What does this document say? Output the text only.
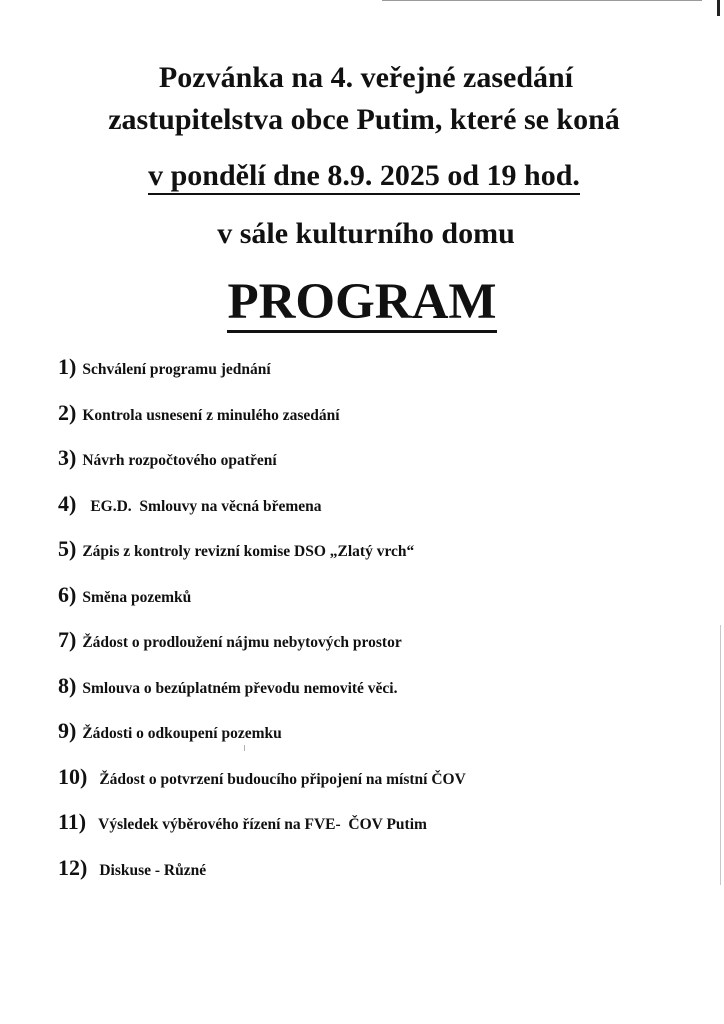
Pozvánka na 4. veřejné zasedání
zastupitelstva obce Putim, které se koná
v pondělí dne 8.9. 2025 od 19 hod.
v sále kulturního domu
PROGRAM
1) Schválení programu jednání
2) Kontrola usnesení z minulého zasedání
3) Návrh rozpočtového opatření
4) EG.D.  Smlouvy na věcná břemena
5) Zápis z kontroly revizní komise DSO „Zlatý vrch“
6) Směna pozemků
7) Žádost o prodloužení nájmu nebytových prostor
8) Smlouva o bezúplatném převodu nemovité věci.
9) Žádosti o odkoupení pozemku
10) Žádost o potvrzení budoucího připojení na místní ČOV
11) Výsledek výběrového řízení na FVE-  ČOV Putim
12) Diskuse - Různé
